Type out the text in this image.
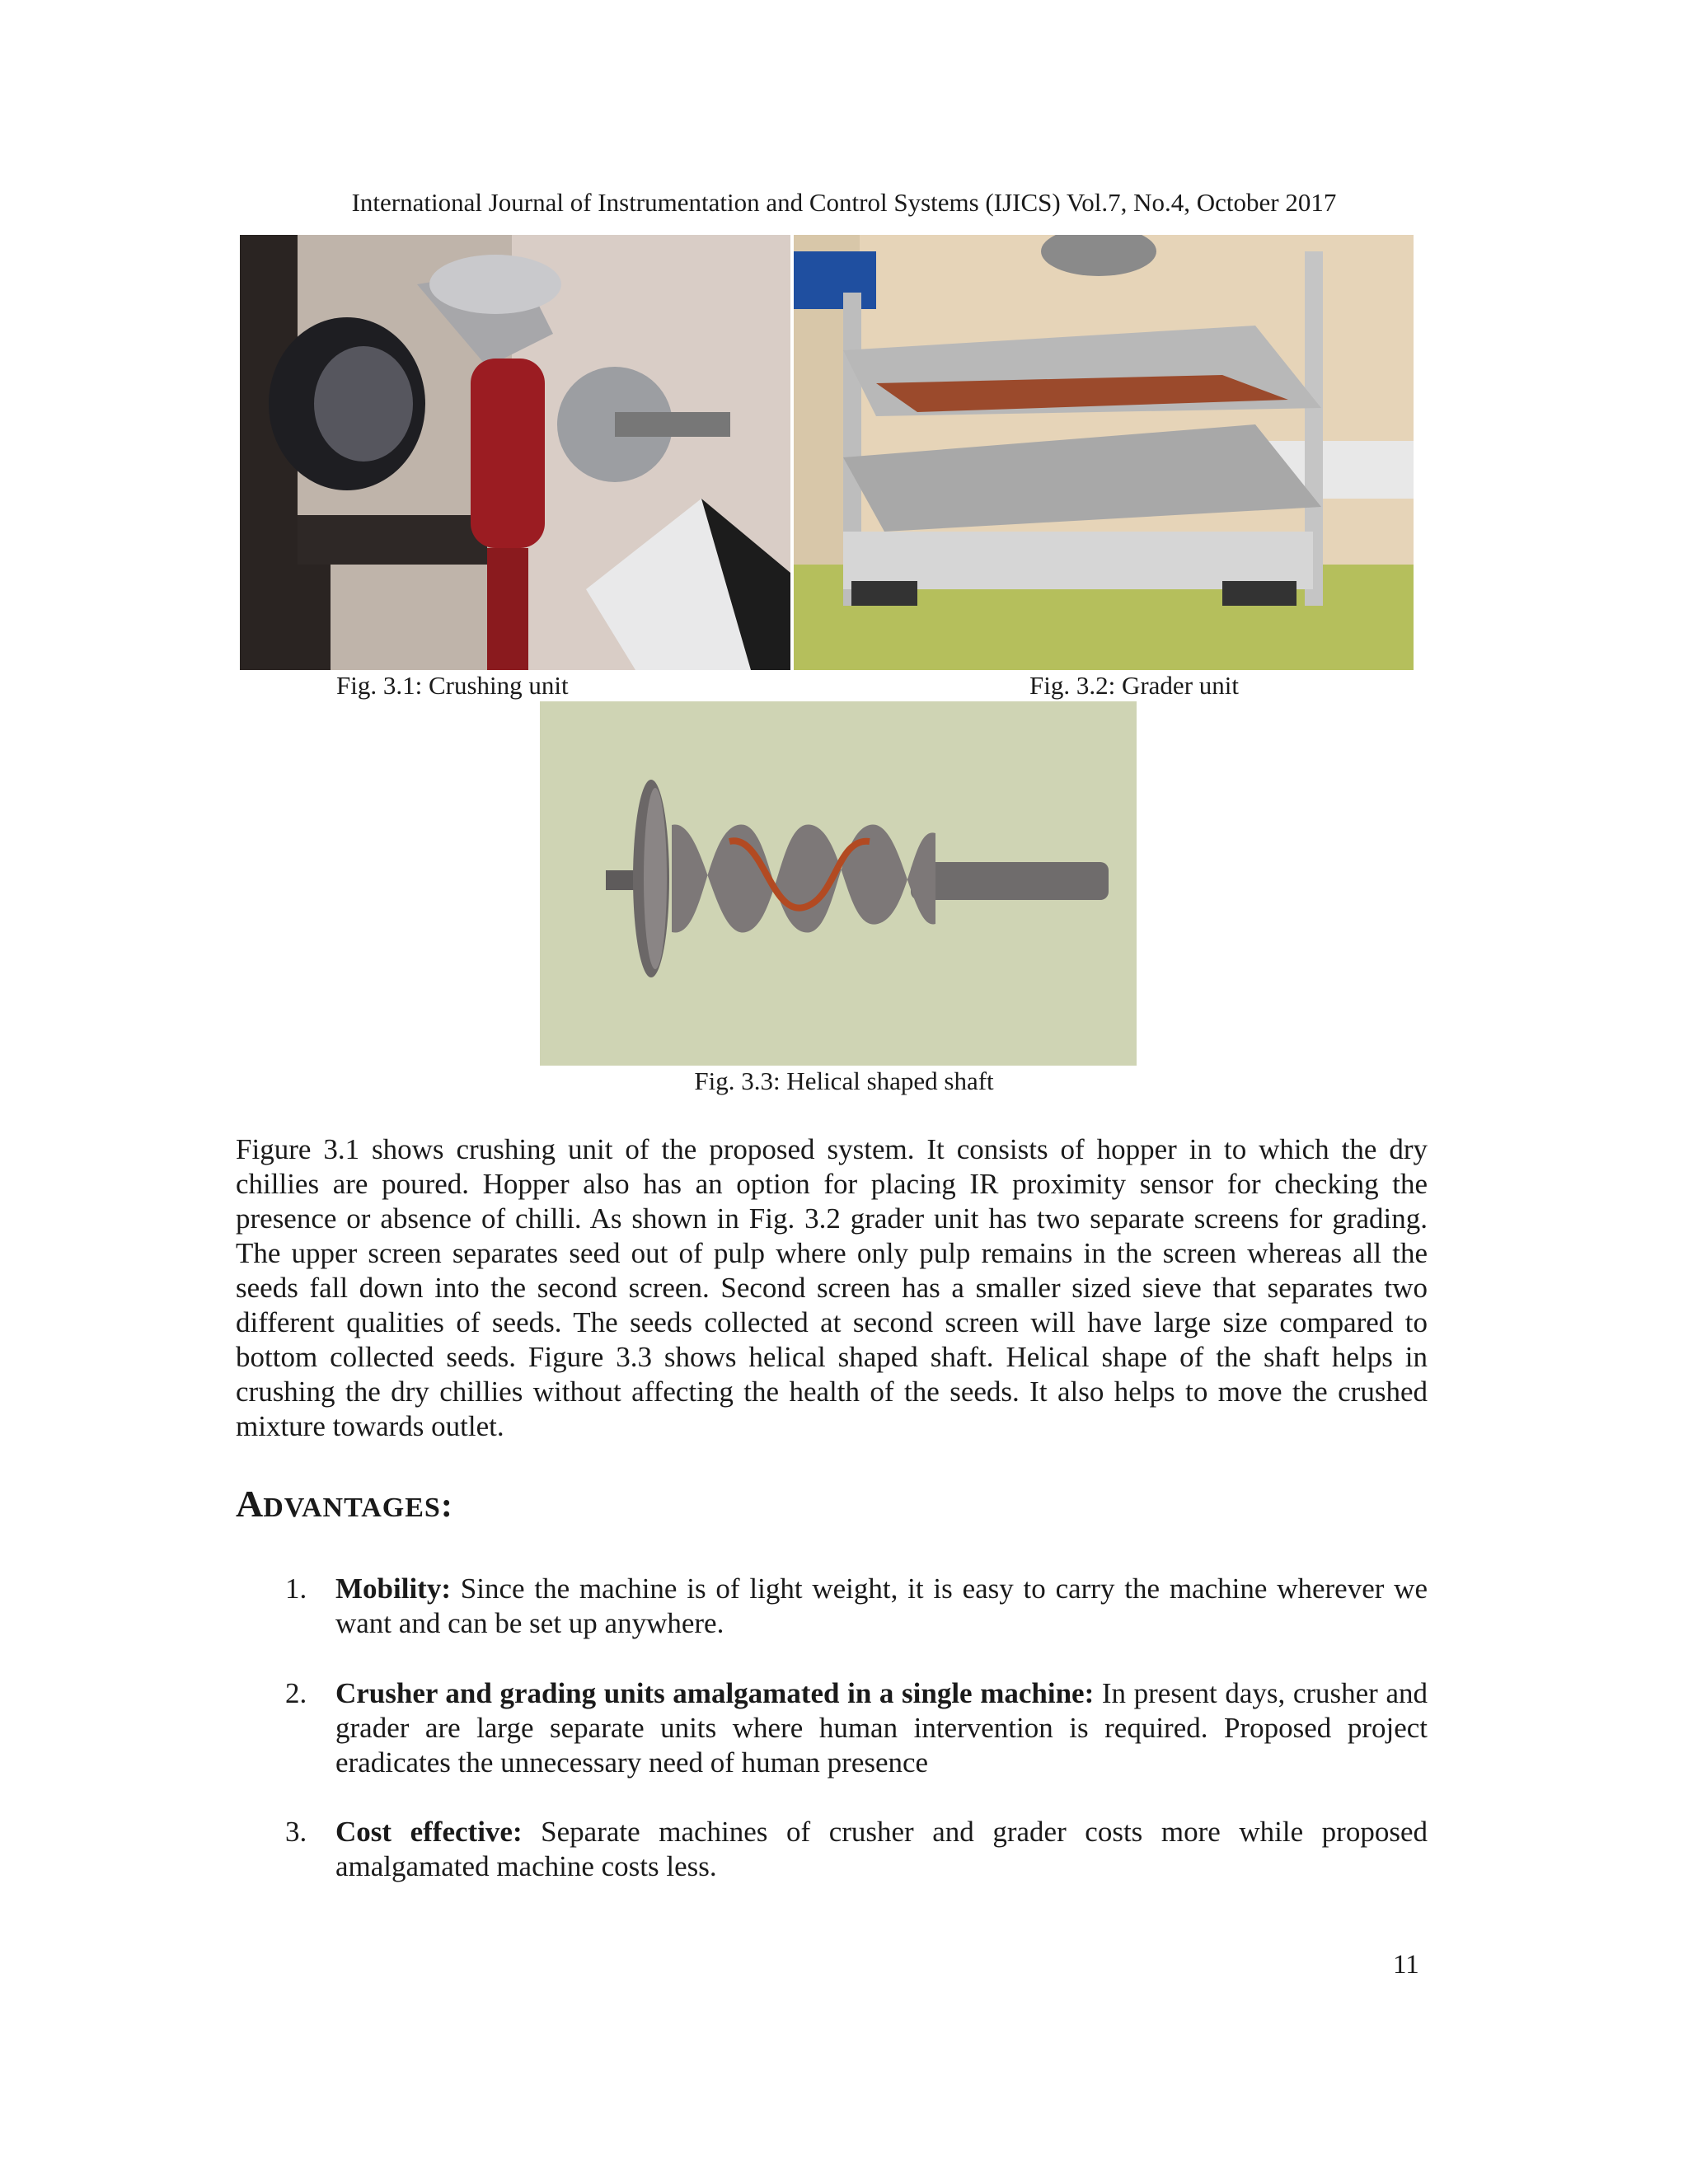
International Journal of Instrumentation and Control Systems (IJICS) Vol.7, No.4, October 2017
Fig. 3.1: Crushing unit	Fig. 3.2: Grader unit
Fig. 3.3: Helical shaped shaft

Figure 3.1 shows crushing unit of the proposed system. It consists of hopper in to which the dry chillies are poured. Hopper also has an option for placing IR proximity sensor for checking the presence or absence of chilli. As shown in Fig. 3.2 grader unit has two separate screens for grading. The upper screen separates seed out of pulp where only pulp remains in the screen whereas all the seeds fall down into the second screen. Second screen has a smaller sized sieve that separates two different qualities of seeds. The seeds collected at second screen will have large size compared to bottom collected seeds. Figure 3.3 shows helical shaped shaft. Helical shape of the shaft helps in crushing the dry chillies without affecting the health of the seeds. It also helps to move the crushed mixture towards outlet.

ADVANTAGES:
1. Mobility: Since the machine is of light weight, it is easy to carry the machine wherever we want and can be set up anywhere.
2. Crusher and grading units amalgamated in a single machine: In present days, crusher and grader are large separate units where human intervention is required. Proposed project eradicates the unnecessary need of human presence
3. Cost effective: Separate machines of crusher and grader costs more while proposed amalgamated machine costs less.
11
